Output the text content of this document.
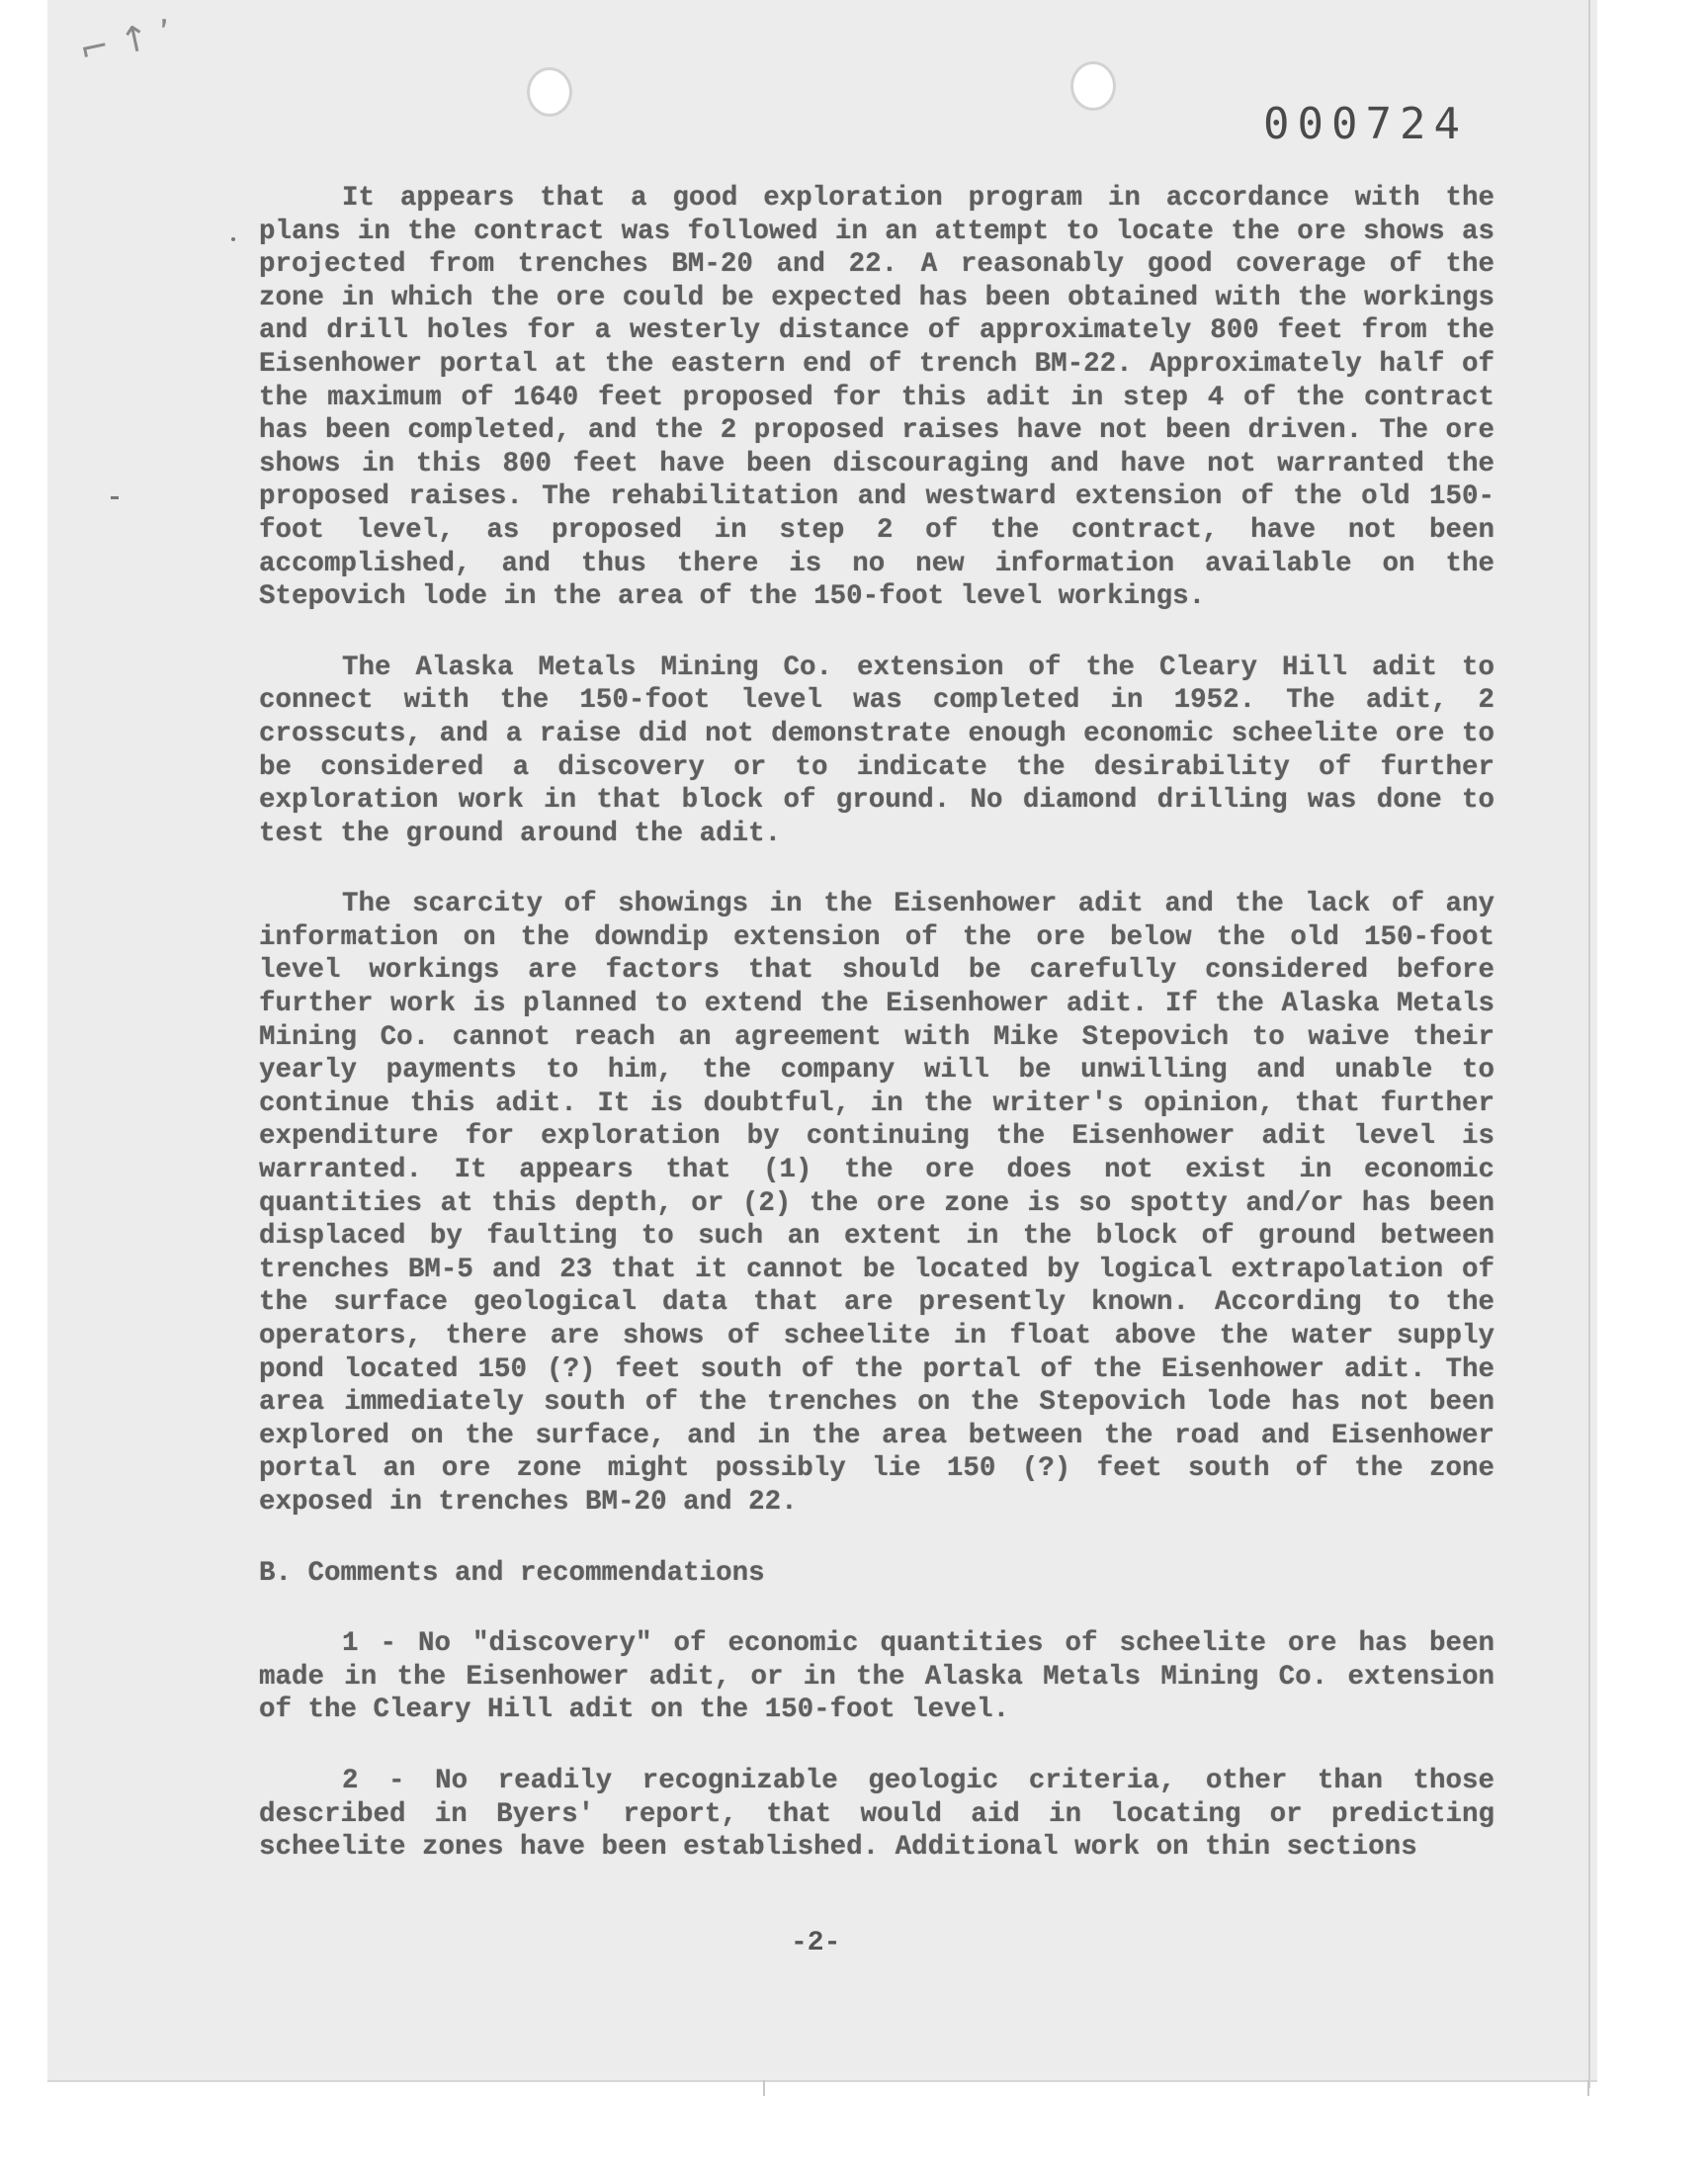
⌐ ↑ ʼ
000724

It appears that a good exploration program in accordance with the plans in the contract was followed in an attempt to locate the ore shows as projected from trenches BM-20 and 22. A reasonably good coverage of the zone in which the ore could be expected has been obtained with the workings and drill holes for a westerly distance of approximately 800 feet from the Eisenhower portal at the eastern end of trench BM-22. Approximately half of the maximum of 1640 feet proposed for this adit in step 4 of the contract has been completed, and the 2 proposed raises have not been driven. The ore shows in this 800 feet have been discouraging and have not warranted the proposed raises. The rehabilitation and westward extension of the old 150-foot level, as proposed in step 2 of the contract, have not been accomplished, and thus there is no new information available on the Stepovich lode in the area of the 150-foot level workings.

The Alaska Metals Mining Co. extension of the Cleary Hill adit to connect with the 150-foot level was completed in 1952. The adit, 2 crosscuts, and a raise did not demonstrate enough economic scheelite ore to be considered a discovery or to indicate the desirability of further exploration work in that block of ground. No diamond drilling was done to test the ground around the adit.

The scarcity of showings in the Eisenhower adit and the lack of any information on the downdip extension of the ore below the old 150-foot level workings are factors that should be carefully considered before further work is planned to extend the Eisenhower adit. If the Alaska Metals Mining Co. cannot reach an agreement with Mike Stepovich to waive their yearly payments to him, the company will be unwilling and unable to continue this adit. It is doubtful, in the writer's opinion, that further expenditure for exploration by continuing the Eisenhower adit level is warranted. It appears that (1) the ore does not exist in economic quantities at this depth, or (2) the ore zone is so spotty and/or has been displaced by faulting to such an extent in the block of ground between trenches BM-5 and 23 that it cannot be located by logical extrapolation of the surface geological data that are presently known. According to the operators, there are shows of scheelite in float above the water supply pond located 150 (?) feet south of the portal of the Eisenhower adit. The area immediately south of the trenches on the Stepovich lode has not been explored on the surface, and in the area between the road and Eisenhower portal an ore zone might possibly lie 150 (?) feet south of the zone exposed in trenches BM-20 and 22.

B. Comments and recommendations

1 - No "discovery" of economic quantities of scheelite ore has been made in the Eisenhower adit, or in the Alaska Metals Mining Co. extension of the Cleary Hill adit on the 150-foot level.

2 - No readily recognizable geologic criteria, other than those described in Byers' report, that would aid in locating or predicting scheelite zones have been established. Additional work on thin sections

-2-
